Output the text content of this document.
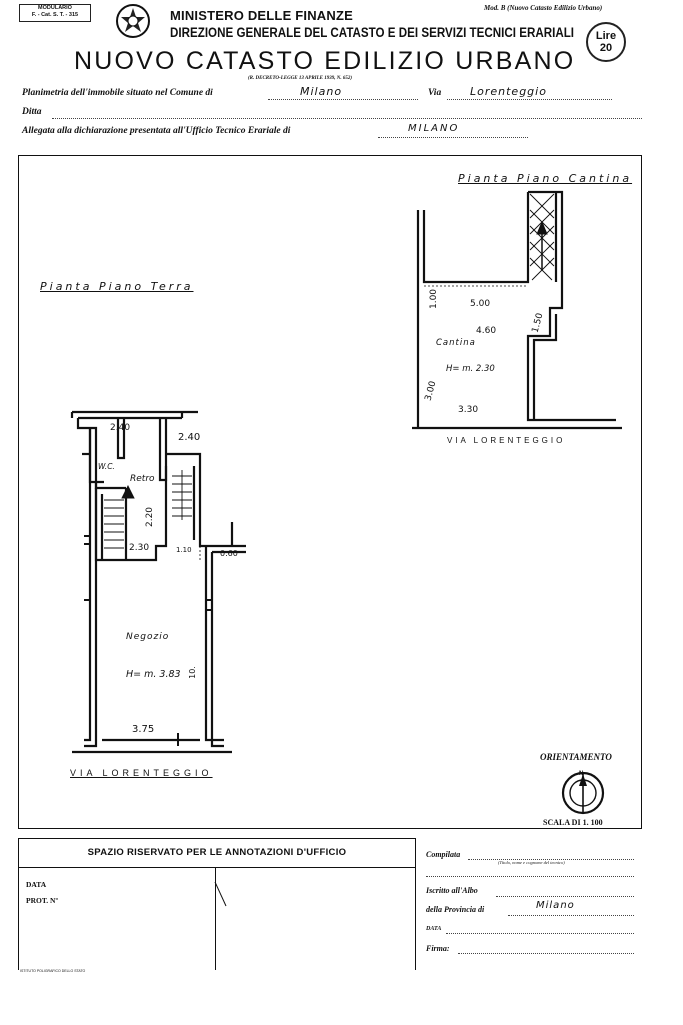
MODULARIO
F. - Cat. S. T. - 315	MINISTERO DELLE FINANZE
DIREZIONE GENERALE DEL CATASTO E DEI SERVIZI TECNICI ERARIALI
Mod. B (Nuovo Catasto Edilizio Urbano)
Lire
20
NUOVO CATASTO EDILIZIO URBANO
(R. DECRETO-LEGGE 13 APRILE 1939, N. 652)
Planimetria dell'immobile situato nel Comune di	Milano	Via	Lorenteggio
Ditta
Allegata alla dichiarazione presentata all'Ufficio Tecnico Erariale di	MILANO
Pianta Piano Cantina
5.00
4.60
1.00
1.50
Cantina
H= m. 2.30
3.00
3.30
VIA LORENTEGGIO
Pianta Piano Terra
2.40
2.40
W.C.
Retro
2.20
2.30	1.10	0.60
Negozio
H= m. 3.83 10.
3.75
VIA LORENTEGGIO
ORIENTAMENTO
N
SCALA DI 1. 100
SPAZIO RISERVATO PER LE ANNOTAZIONI D'UFFICIO
DATA
PROT. Nº
Compilata
(Titolo, nome e cognome del tecnico)
Iscritto all'Albo
della Provincia di	Milano
DATA
Firma:
ISTITUTO POLIGRAFICO DELLO STATO
